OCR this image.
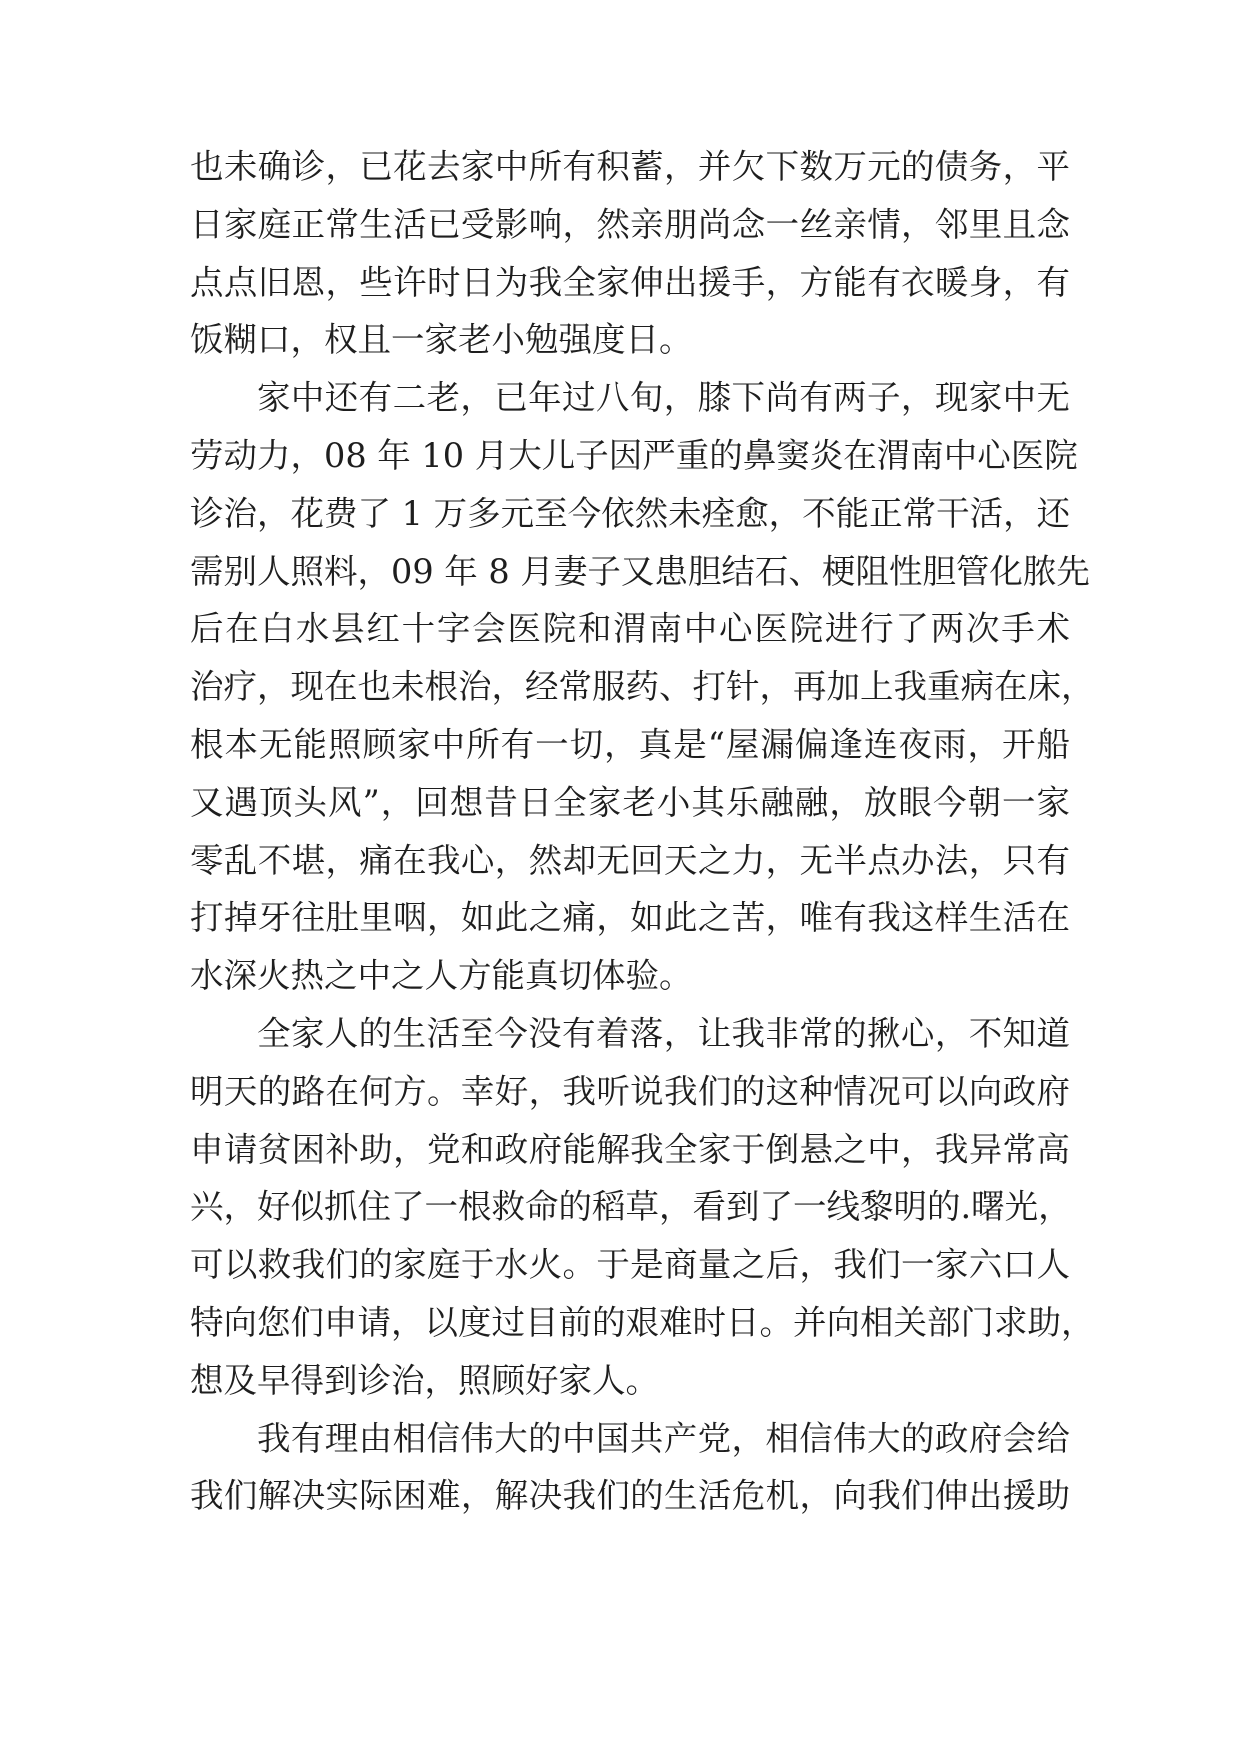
也未确诊，已花去家中所有积蓄，并欠下数万元的债务，平
日家庭正常生活已受影响，然亲朋尚念一丝亲情，邻里且念
点点旧恩，些许时日为我全家伸出援手，方能有衣暖身，有
饭糊口，权且一家老小勉强度日。
家中还有二老，已年过八旬，膝下尚有两子，现家中无
劳动力，08 年 10 月大儿子因严重的鼻窦炎在渭南中心医院
诊治，花费了 1 万多元至今依然未痊愈，不能正常干活，还
需别人照料，09 年 8 月妻子又患胆结石、梗阻性胆管化脓先
后在白水县红十字会医院和渭南中心医院进行了两次手术
治疗，现在也未根治，经常服药、打针，再加上我重病在床，
根本无能照顾家中所有一切，真是“屋漏偏逢连夜雨，开船
又遇顶头风”，回想昔日全家老小其乐融融，放眼今朝一家
零乱不堪，痛在我心，然却无回天之力，无半点办法，只有
打掉牙往肚里咽，如此之痛，如此之苦，唯有我这样生活在
水深火热之中之人方能真切体验。
全家人的生活至今没有着落，让我非常的揪心，不知道
明天的路在何方。幸好，我听说我们的这种情况可以向政府
申请贫困补助，党和政府能解我全家于倒悬之中，我异常高
兴，好似抓住了一根救命的稻草，看到了一线黎明的.曙光，
可以救我们的家庭于水火。于是商量之后，我们一家六口人
特向您们申请，以度过目前的艰难时日。并向相关部门求助，
想及早得到诊治，照顾好家人。
我有理由相信伟大的中国共产党，相信伟大的政府会给
我们解决实际困难，解决我们的生活危机，向我们伸出援助
